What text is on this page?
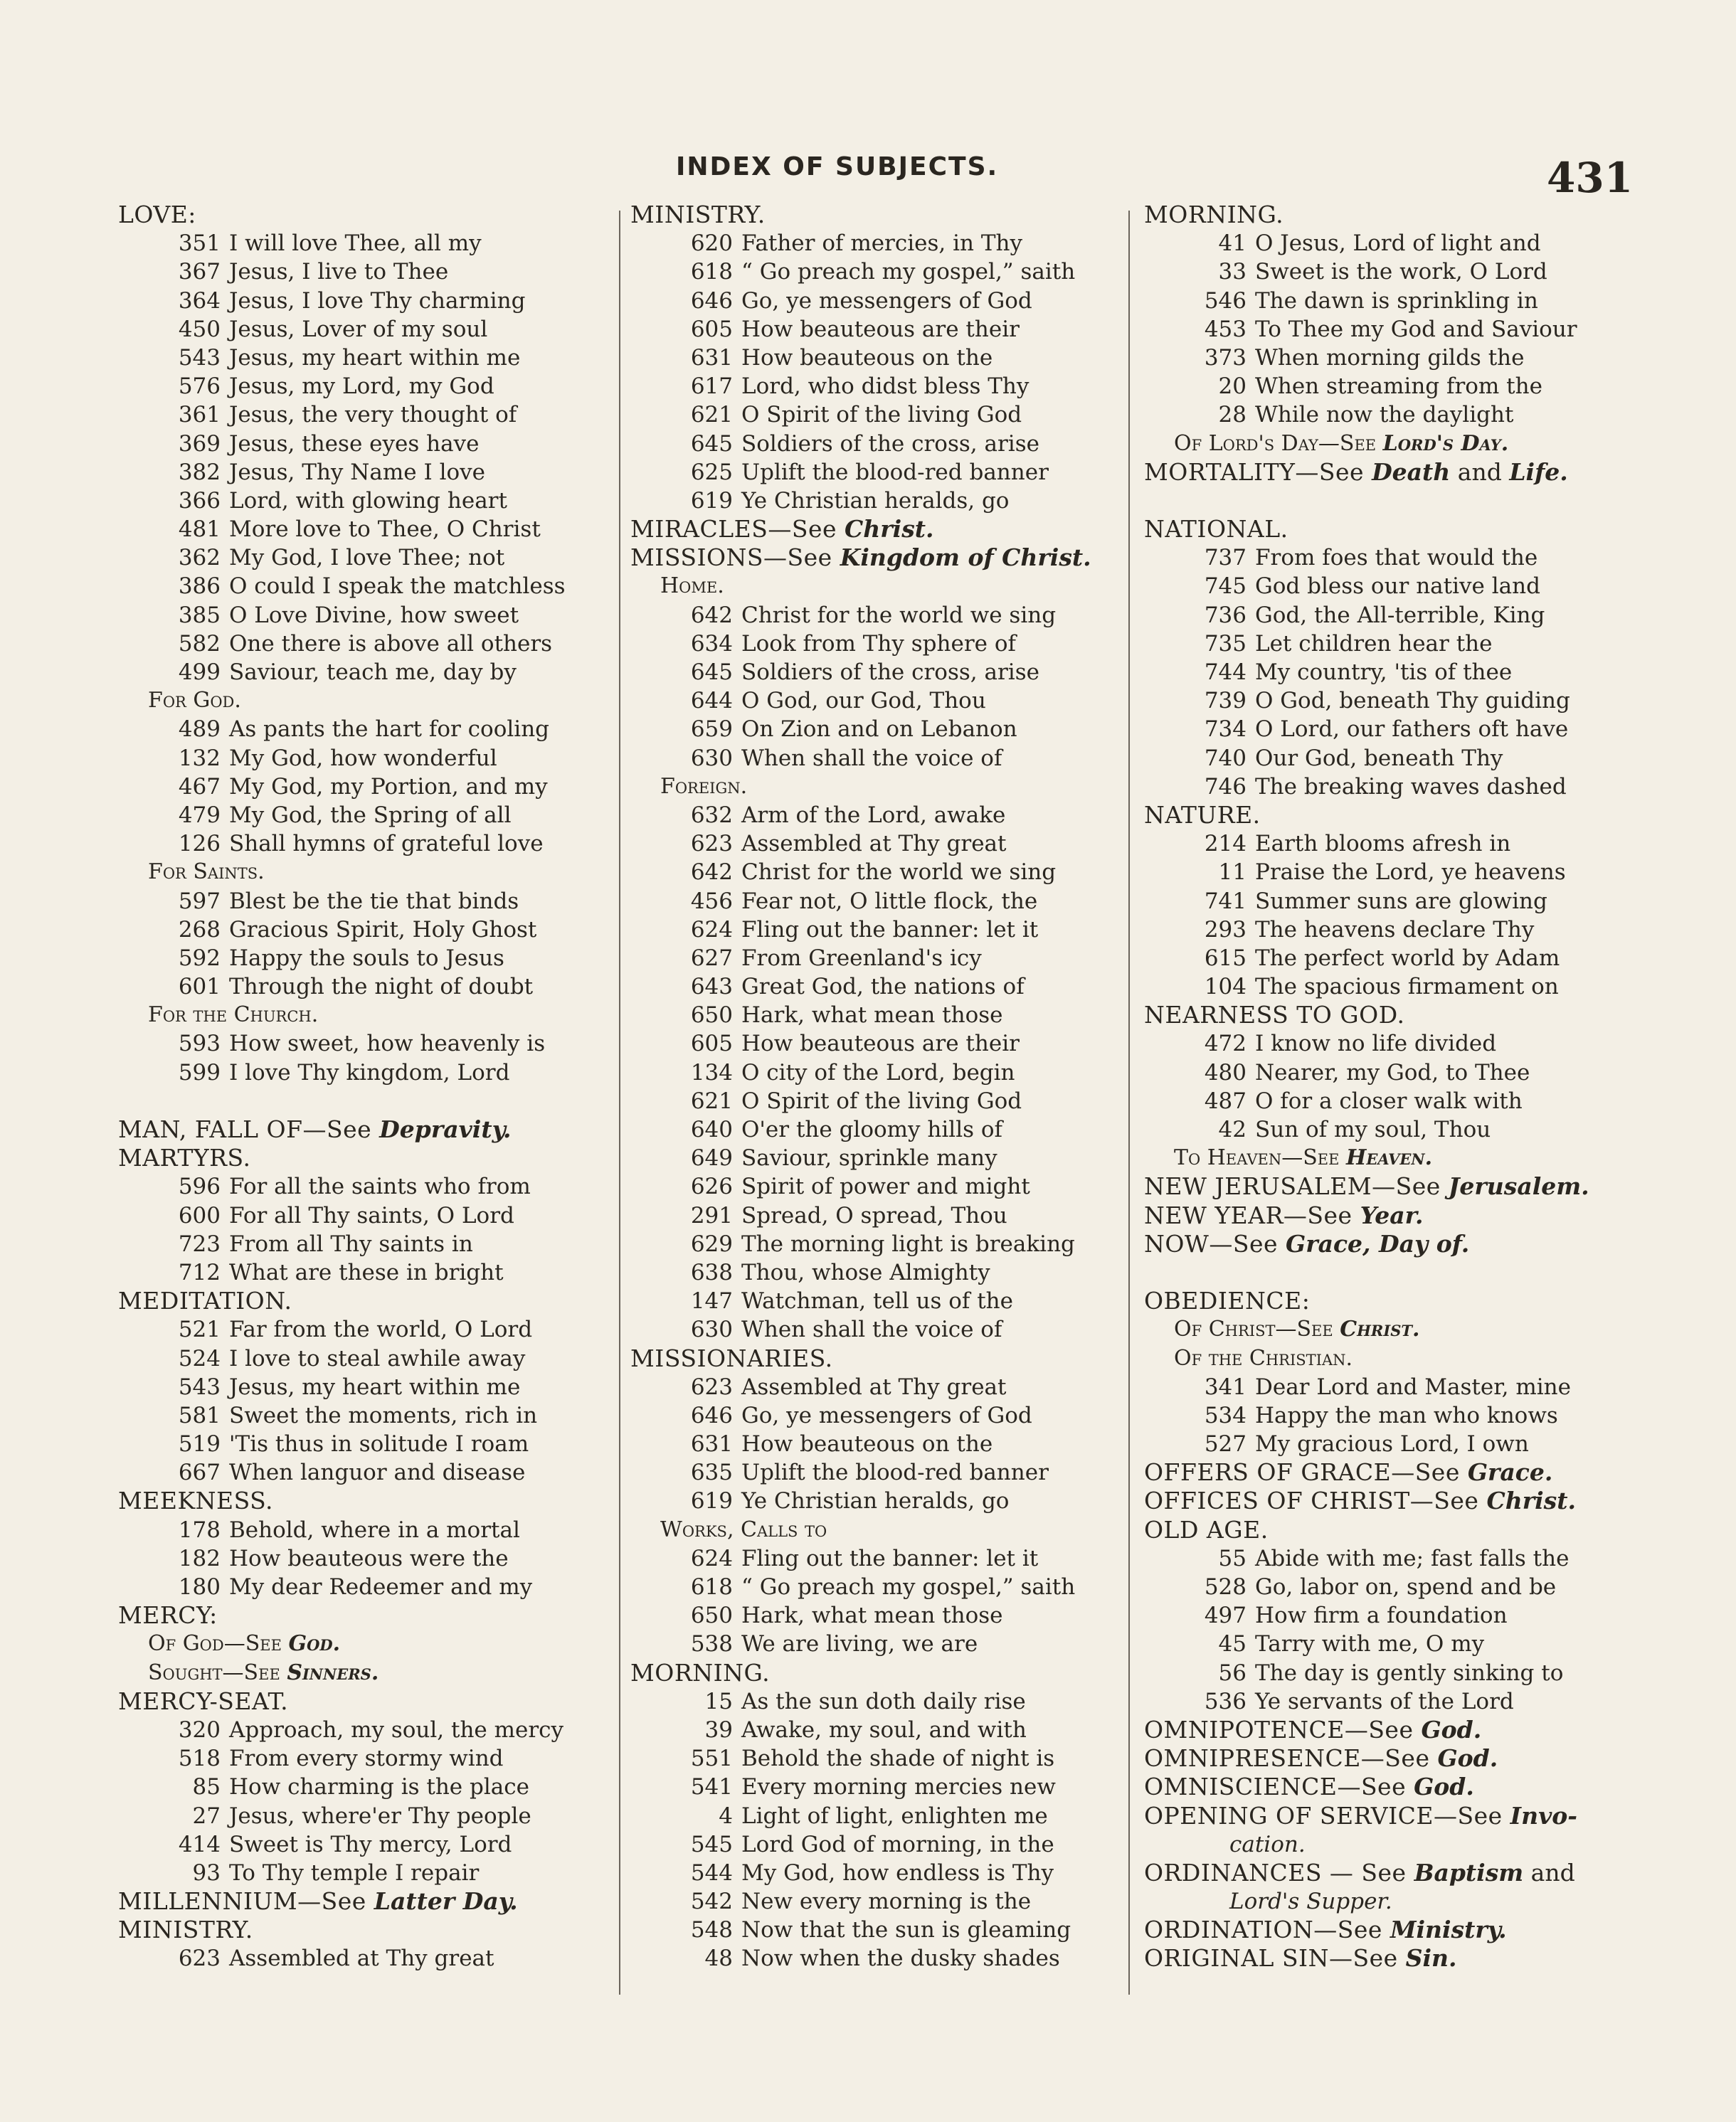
INDEX OF SUBJECTS.	431
LOVE:
351 I will love Thee, all my
367 Jesus, I live to Thee
364 Jesus, I love Thy charming
450 Jesus, Lover of my soul
543 Jesus, my heart within me
576 Jesus, my Lord, my God
361 Jesus, the very thought of
369 Jesus, these eyes have
382 Jesus, Thy Name I love
366 Lord, with glowing heart
481 More love to Thee, O Christ
362 My God, I love Thee; not
386 O could I speak the matchless
385 O Love Divine, how sweet
582 One there is above all others
499 Saviour, teach me, day by
For God.
489 As pants the hart for cooling
132 My God, how wonderful
467 My God, my Portion, and my
479 My God, the Spring of all
126 Shall hymns of grateful love
For Saints.
597 Blest be the tie that binds
268 Gracious Spirit, Holy Ghost
592 Happy the souls to Jesus
601 Through the night of doubt
For the Church.
593 How sweet, how heavenly is
599 I love Thy kingdom, Lord
MAN, FALL OF—See Depravity.
MARTYRS.
596 For all the saints who from
600 For all Thy saints, O Lord
723 From all Thy saints in
712 What are these in bright
MEDITATION.
521 Far from the world, O Lord
524 I love to steal awhile away
543 Jesus, my heart within me
581 Sweet the moments, rich in
519 'Tis thus in solitude I roam
667 When languor and disease
MEEKNESS.
178 Behold, where in a mortal
182 How beauteous were the
180 My dear Redeemer and my
MERCY:
Of God—See God.
Sought—See Sinners.
MERCY-SEAT.
320 Approach, my soul, the mercy
518 From every stormy wind
85 How charming is the place
27 Jesus, where'er Thy people
414 Sweet is Thy mercy, Lord
93 To Thy temple I repair
MILLENNIUM—See Latter Day.
MINISTRY.
623 Assembled at Thy great
MINISTRY.
620 Father of mercies, in Thy
618 “ Go preach my gospel,” saith
646 Go, ye messengers of God
605 How beauteous are their
631 How beauteous on the
617 Lord, who didst bless Thy
621 O Spirit of the living God
645 Soldiers of the cross, arise
625 Uplift the blood-red banner
619 Ye Christian heralds, go
MIRACLES—See Christ.
MISSIONS—See Kingdom of Christ.
Home.
642 Christ for the world we sing
634 Look from Thy sphere of
645 Soldiers of the cross, arise
644 O God, our God, Thou
659 On Zion and on Lebanon
630 When shall the voice of
Foreign.
632 Arm of the Lord, awake
623 Assembled at Thy great
642 Christ for the world we sing
456 Fear not, O little flock, the
624 Fling out the banner: let it
627 From Greenland's icy
643 Great God, the nations of
650 Hark, what mean those
605 How beauteous are their
134 O city of the Lord, begin
621 O Spirit of the living God
640 O'er the gloomy hills of
649 Saviour, sprinkle many
626 Spirit of power and might
291 Spread, O spread, Thou
629 The morning light is breaking
638 Thou, whose Almighty
147 Watchman, tell us of the
630 When shall the voice of
MISSIONARIES.
623 Assembled at Thy great
646 Go, ye messengers of God
631 How beauteous on the
635 Uplift the blood-red banner
619 Ye Christian heralds, go
Works, Calls to
624 Fling out the banner: let it
618 “ Go preach my gospel,” saith
650 Hark, what mean those
538 We are living, we are
MORNING.
15 As the sun doth daily rise
39 Awake, my soul, and with
551 Behold the shade of night is
541 Every morning mercies new
4 Light of light, enlighten me
545 Lord God of morning, in the
544 My God, how endless is Thy
542 New every morning is the
548 Now that the sun is gleaming
48 Now when the dusky shades
MORNING.
41 O Jesus, Lord of light and
33 Sweet is the work, O Lord
546 The dawn is sprinkling in
453 To Thee my God and Saviour
373 When morning gilds the
20 When streaming from the
28 While now the daylight
Of Lord's Day—See Lord's Day.
MORTALITY—See Death and Life.
NATIONAL.
737 From foes that would the
745 God bless our native land
736 God, the All-terrible, King
735 Let children hear the
744 My country, 'tis of thee
739 O God, beneath Thy guiding
734 O Lord, our fathers oft have
740 Our God, beneath Thy
746 The breaking waves dashed
NATURE.
214 Earth blooms afresh in
11 Praise the Lord, ye heavens
741 Summer suns are glowing
293 The heavens declare Thy
615 The perfect world by Adam
104 The spacious firmament on
NEARNESS TO GOD.
472 I know no life divided
480 Nearer, my God, to Thee
487 O for a closer walk with
42 Sun of my soul, Thou
To Heaven—See Heaven.
NEW JERUSALEM—See Jerusalem.
NEW YEAR—See Year.
NOW—See Grace, Day of.
OBEDIENCE:
Of Christ—See Christ.
Of the Christian.
341 Dear Lord and Master, mine
534 Happy the man who knows
527 My gracious Lord, I own
OFFERS OF GRACE—See Grace.
OFFICES OF CHRIST—See Christ.
OLD AGE.
55 Abide with me; fast falls the
528 Go, labor on, spend and be
497 How firm a foundation
45 Tarry with me, O my
56 The day is gently sinking to
536 Ye servants of the Lord
OMNIPOTENCE—See God.
OMNIPRESENCE—See God.
OMNISCIENCE—See God.
OPENING OF SERVICE—See Invo-
cation.
ORDINANCES — See Baptism and
Lord's Supper.
ORDINATION—See Ministry.
ORIGINAL SIN—See Sin.
